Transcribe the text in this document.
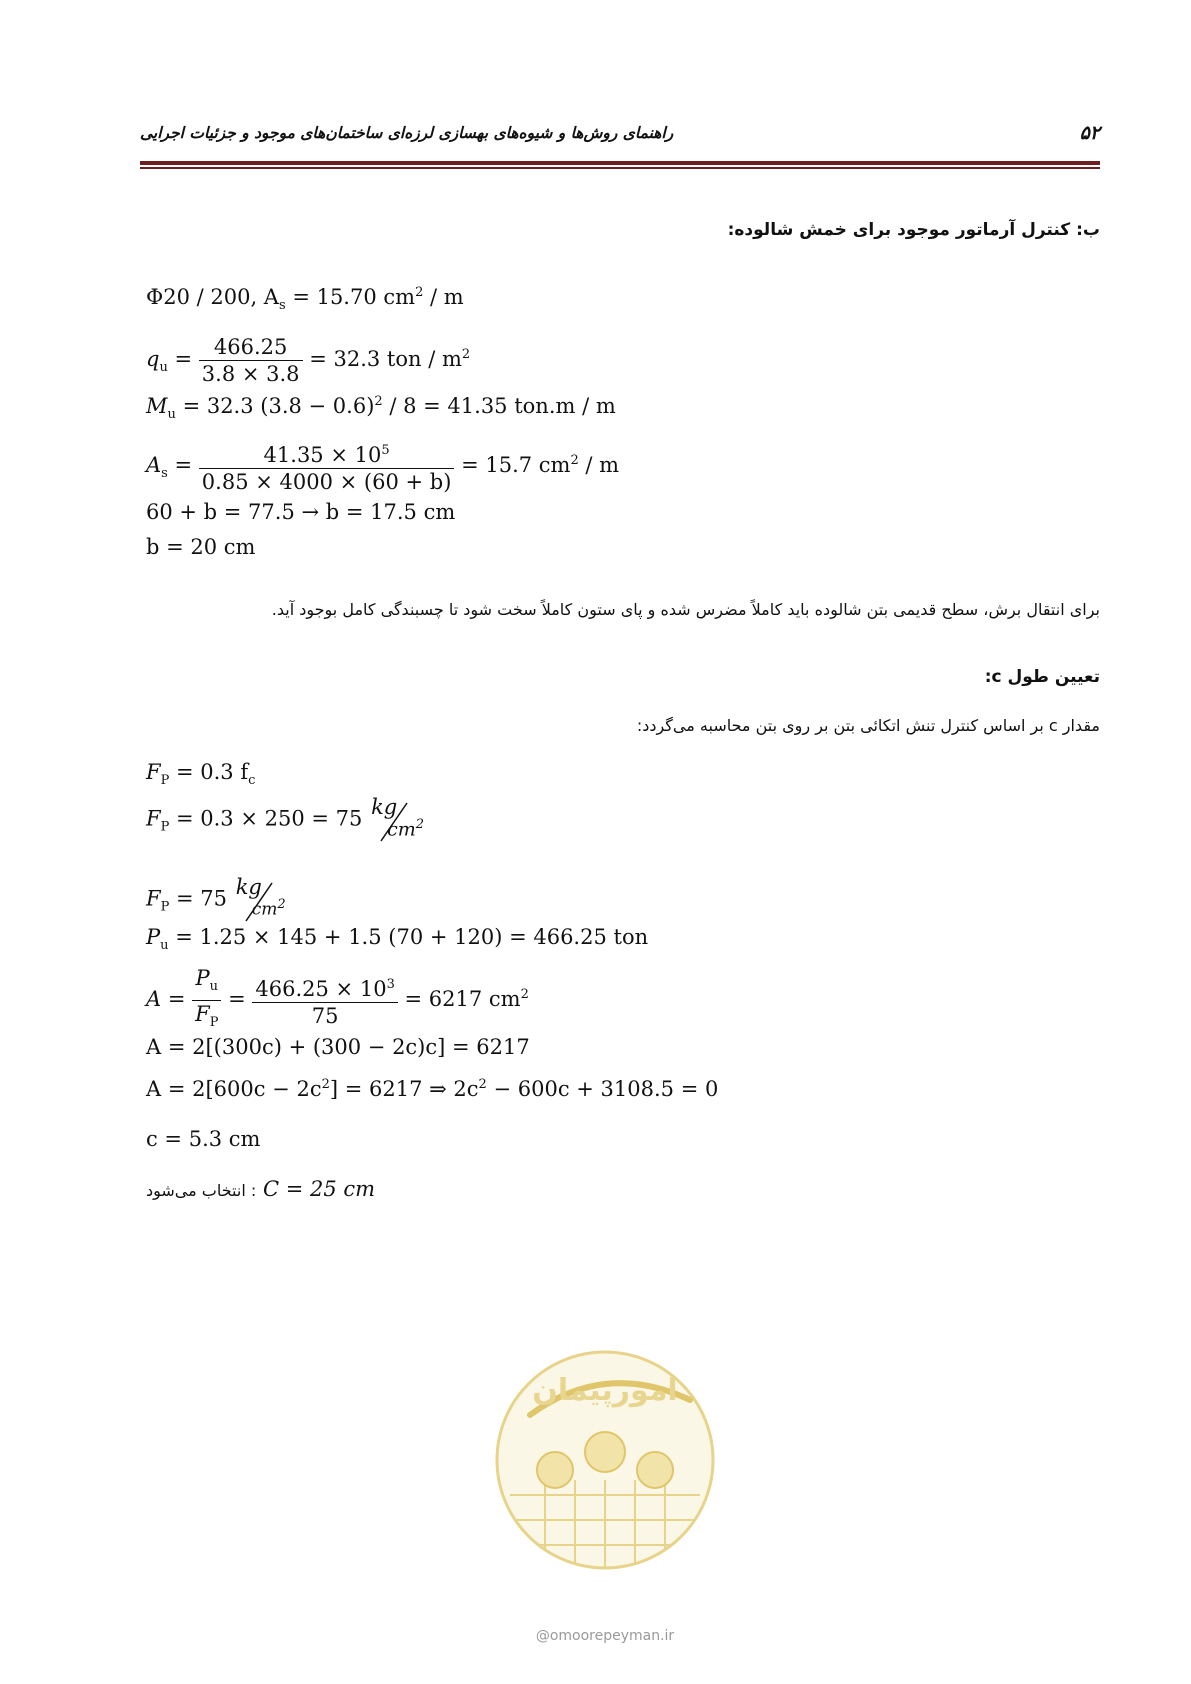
راهنمای روش‌ها و شیوه‌های بهسازی لرزه‌ای ساختمان‌های موجود و جزئیات اجرایی	۵۲
ب: کنترل آرماتور موجود برای خمش شالوده:
Φ20 / 200, $A_s = 15.70$ $cm^2$ / m
$q_u = \frac{466.25}{3.8 \times 3.8} = 32.3$ ton / $m^2$
$M_u = 32.3$ $(3.8 - 0.6)^2 / 8 = 41.35$ ton.m / m
$A_s = \frac{41.35 \times 10^5}{0.85 \times 4000 \times (60 + b)} = 15.7$ $cm^2$ / m
60 + b = 77.5 → b = 17.5 cm
b = 20 cm
برای انتقال برش، سطح قدیمی بتن شالوده باید کاملاً مضرس شده و پای ستون کاملاً سخت شود تا چسبندگی کامل بوجود آید.
تعیین طول c:
مقدار c بر اساس کنترل تنش اتکائی بتن بر روی بتن محاسبه می‌گردد:
$F_P = 0.3$ $f_c$
$F_P = 0.3 \times 250 = 75$ kg
$cm^2$
$F_P = 75$ kg
$cm^2$
$P_u = 1.25 \times 145 + 1.5$ (70 + 120) = 466.25 ton
$A = \frac{P_u}{F_P} = \frac{466.25 \times 10^3}{75} = 6217$ $cm^2$
A = 2[(300c) + (300 − 2c)c] = 6217
$A = 2[600c - 2c^2] = 6217$ ⇒ $2c^2 - 600c + 3108.5 = 0$
c = 5.3 cm
: انتخاب می‌شود C = 25 cm
امورپیمان
@omoorepeyman.ir
